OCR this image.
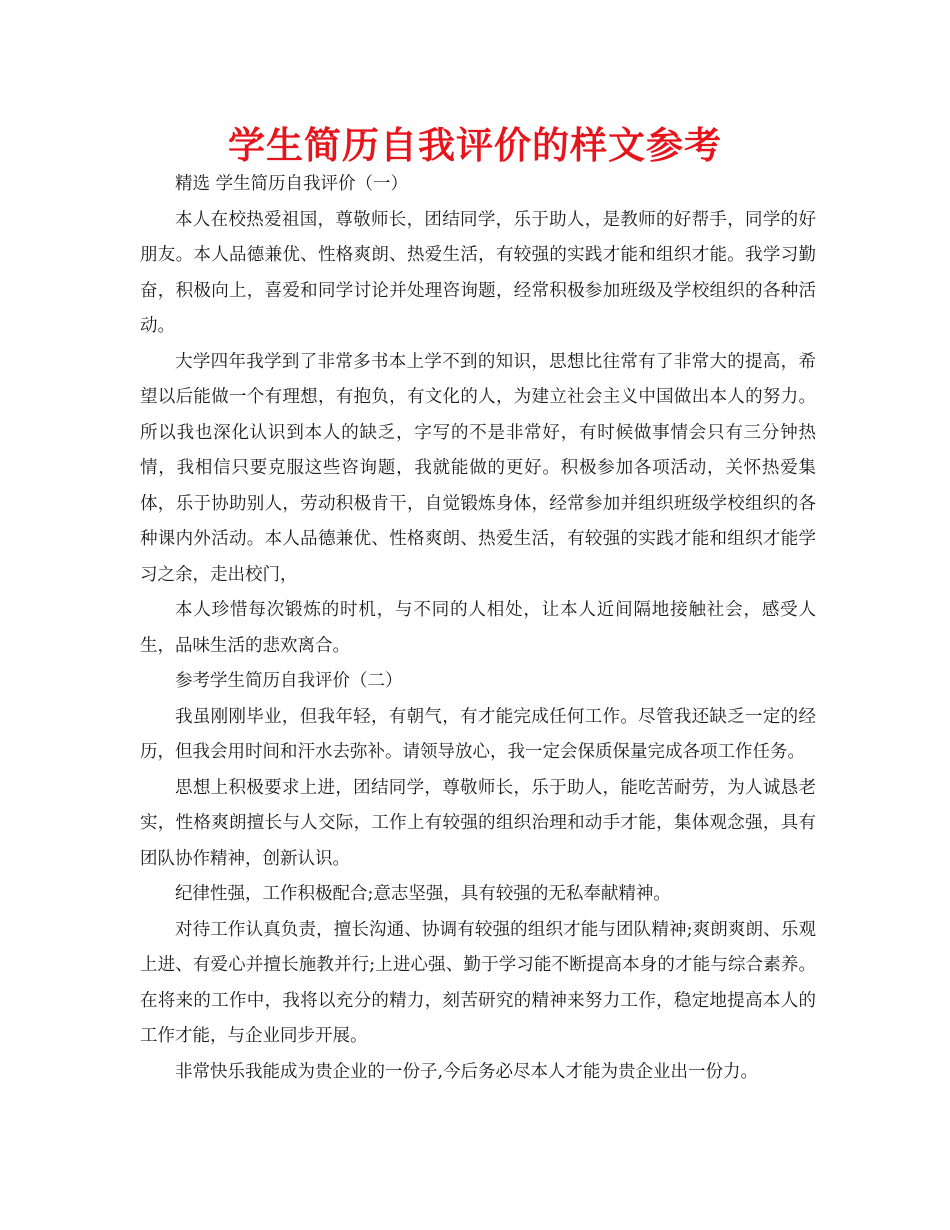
学生简历自我评价的样文参考

精选 学生简历自我评价（一）

本人在校热爱祖国，尊敬师长，团结同学，乐于助人，是教师的好帮手，同学的好朋友。本人品德兼优、性格爽朗、热爱生活，有较强的实践才能和组织才能。我学习勤奋，积极向上，喜爱和同学讨论并处理咨询题，经常积极参加班级及学校组织的各种活动。

大学四年我学到了非常多书本上学不到的知识，思想比往常有了非常大的提高，希望以后能做一个有理想，有抱负，有文化的人，为建立社会主义中国做出本人的努力。所以我也深化认识到本人的缺乏，字写的不是非常好，有时候做事情会只有三分钟热情，我相信只要克服这些咨询题，我就能做的更好。积极参加各项活动，关怀热爱集体，乐于协助别人，劳动积极肯干，自觉锻炼身体，经常参加并组织班级学校组织的各种课内外活动。本人品德兼优、性格爽朗、热爱生活，有较强的实践才能和组织才能学习之余，走出校门，

本人珍惜每次锻炼的时机，与不同的人相处，让本人近间隔地接触社会，感受人生，品味生活的悲欢离合。

参考学生简历自我评价（二）

我虽刚刚毕业，但我年轻，有朝气，有才能完成任何工作。尽管我还缺乏一定的经历，但我会用时间和汗水去弥补。请领导放心，我一定会保质保量完成各项工作任务。

思想上积极要求上进，团结同学，尊敬师长，乐于助人，能吃苦耐劳，为人诚恳老实，性格爽朗擅长与人交际，工作上有较强的组织治理和动手才能，集体观念强，具有团队协作精神，创新认识。

纪律性强，工作积极配合;意志坚强，具有较强的无私奉献精神。

对待工作认真负责，擅长沟通、协调有较强的组织才能与团队精神;爽朗爽朗、乐观上进、有爱心并擅长施教并行;上进心强、勤于学习能不断提高本身的才能与综合素养。在将来的工作中，我将以充分的精力，刻苦研究的精神来努力工作，稳定地提高本人的工作才能，与企业同步开展。

非常快乐我能成为贵企业的一份子,今后务必尽本人才能为贵企业出一份力。
